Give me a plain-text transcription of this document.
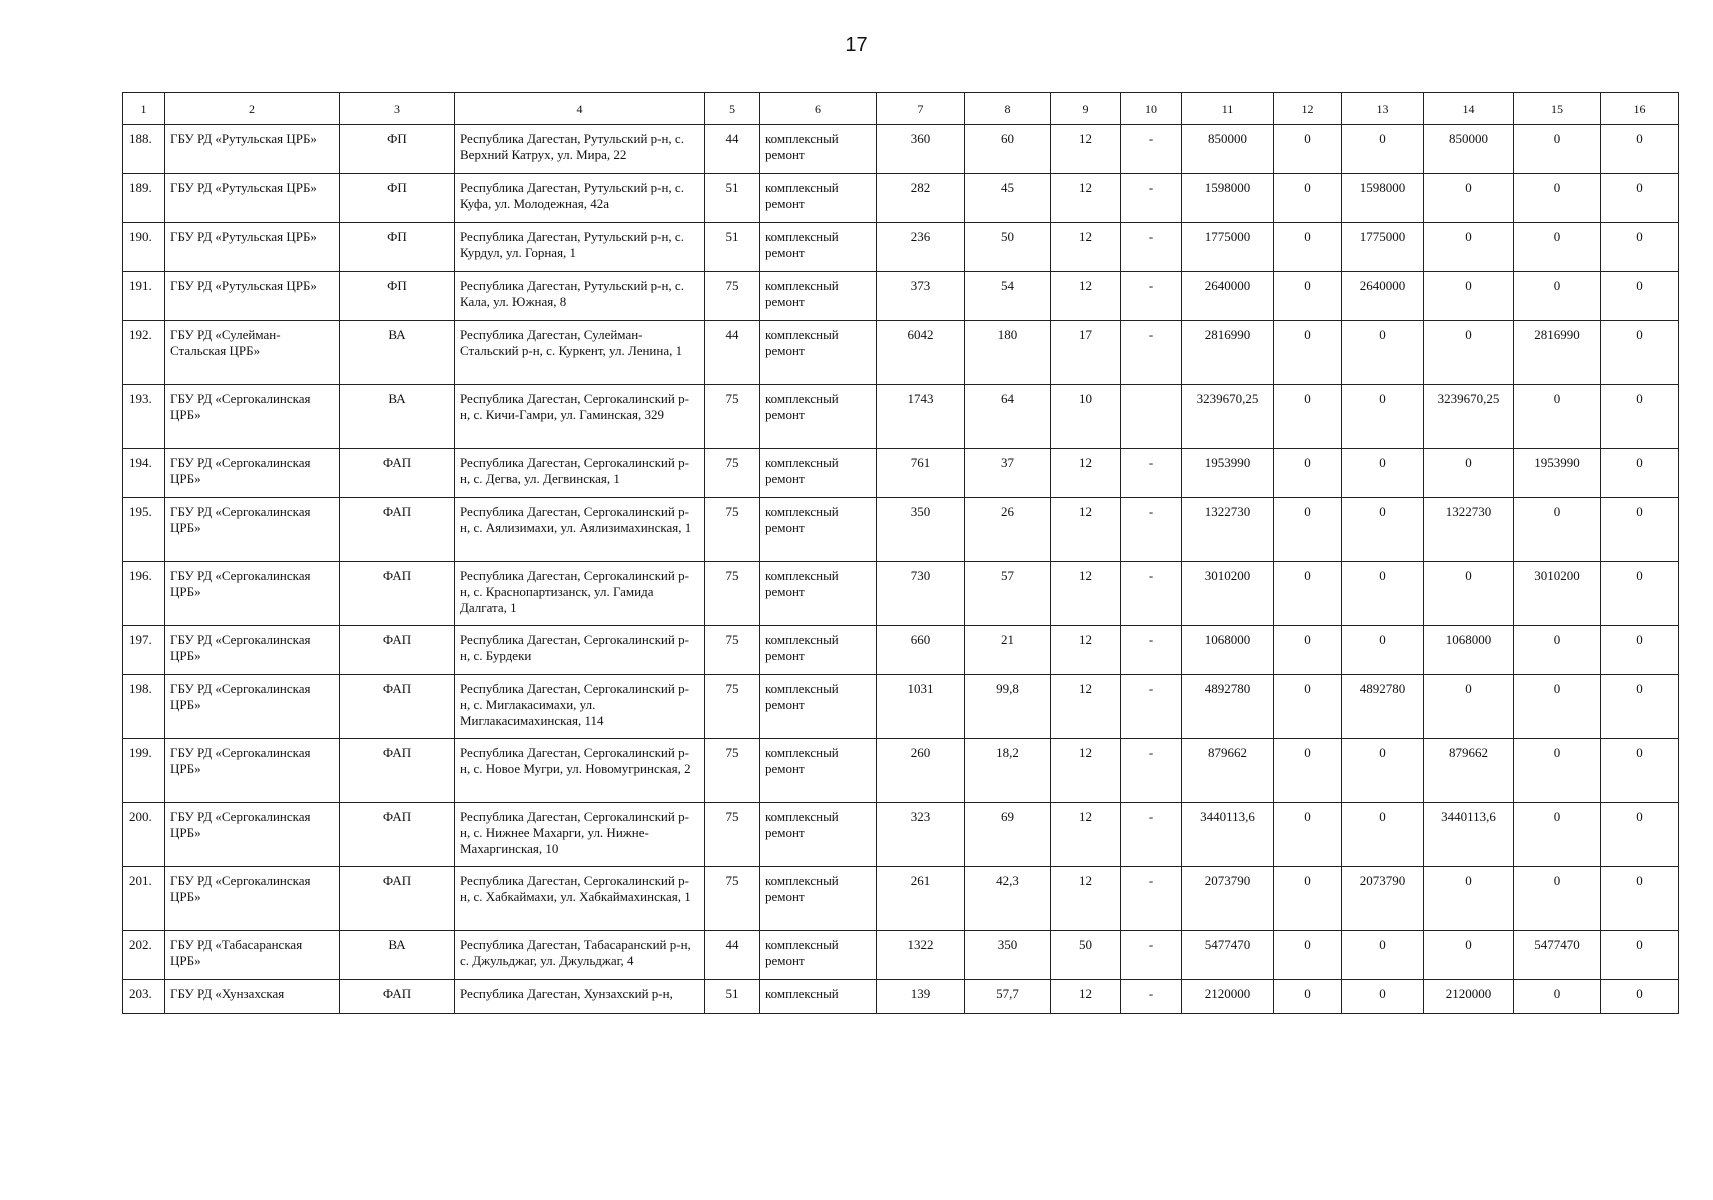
17
1	2	3	4	5	6	7	8	9	10	11	12	13	14	15	16
188.	ГБУ РД «Рутульская ЦРБ»	ФП	Республика Дагестан, Рутульский р-н, с. Верхний Катрух, ул. Мира, 22	44	комплексный ремонт	360	60	12	-	850000	0	0	850000	0	0
189.	ГБУ РД «Рутульская ЦРБ»	ФП	Республика Дагестан, Рутульский р-н, с. Куфа, ул. Молодежная, 42а	51	комплексный ремонт	282	45	12	-	1598000	0	1598000	0	0	0
190.	ГБУ РД «Рутульская ЦРБ»	ФП	Республика Дагестан, Рутульский р-н, с. Курдул, ул. Горная, 1	51	комплексный ремонт	236	50	12	-	1775000	0	1775000	0	0	0
191.	ГБУ РД «Рутульская ЦРБ»	ФП	Республика Дагестан, Рутульский р-н, с. Кала, ул. Южная, 8	75	комплексный ремонт	373	54	12	-	2640000	0	2640000	0	0	0
192.	ГБУ РД «Сулейман-Стальская ЦРБ»	ВА	Республика Дагестан, Сулейман-Стальский р-н, с. Куркент, ул. Ленина, 1	44	комплексный ремонт	6042	180	17	-	2816990	0	0	0	2816990	0
193.	ГБУ РД «Сергокалинская ЦРБ»	ВА	Республика Дагестан, Сергокалинский р-н, с. Кичи-Гамри, ул. Гаминская, 329	75	комплексный ремонт	1743	64	10		3239670,25	0	0	3239670,25	0	0
194.	ГБУ РД «Сергокалинская ЦРБ»	ФАП	Республика Дагестан, Сергокалинский р-н, с. Дегва, ул. Дегвинская, 1	75	комплексный ремонт	761	37	12	-	1953990	0	0	0	1953990	0
195.	ГБУ РД «Сергокалинская ЦРБ»	ФАП	Республика Дагестан, Сергокалинский р-н, с. Аялизимахи, ул. Аялизимахинская, 1	75	комплексный ремонт	350	26	12	-	1322730	0	0	1322730	0	0
196.	ГБУ РД «Сергокалинская ЦРБ»	ФАП	Республика Дагестан, Сергокалинский р-н, с. Краснопартизанск, ул. Гамида Далгата, 1	75	комплексный ремонт	730	57	12	-	3010200	0	0	0	3010200	0
197.	ГБУ РД «Сергокалинская ЦРБ»	ФАП	Республика Дагестан, Сергокалинский р-н, с. Бурдеки	75	комплексный ремонт	660	21	12	-	1068000	0	0	1068000	0	0
198.	ГБУ РД «Сергокалинская ЦРБ»	ФАП	Республика Дагестан, Сергокалинский р-н, с. Миглакасимахи, ул. Миглакасимахинская, 114	75	комплексный ремонт	1031	99,8	12	-	4892780	0	4892780	0	0	0
199.	ГБУ РД «Сергокалинская ЦРБ»	ФАП	Республика Дагестан, Сергокалинский р-н, с. Новое Мугри, ул. Новомугринская, 2	75	комплексный ремонт	260	18,2	12	-	879662	0	0	879662	0	0
200.	ГБУ РД «Сергокалинская ЦРБ»	ФАП	Республика Дагестан, Сергокалинский р-н, с. Нижнее Махарги, ул. Нижне-Махаргинская, 10	75	комплексный ремонт	323	69	12	-	3440113,6	0	0	3440113,6	0	0
201.	ГБУ РД «Сергокалинская ЦРБ»	ФАП	Республика Дагестан, Сергокалинский р-н, с. Хабкаймахи, ул. Хабкаймахинская, 1	75	комплексный ремонт	261	42,3	12	-	2073790	0	2073790	0	0	0
202.	ГБУ РД «Табасаранская ЦРБ»	ВА	Республика Дагестан, Табасаранский р-н, с. Джульджаг, ул. Джульджаг, 4	44	комплексный ремонт	1322	350	50	-	5477470	0	0	0	5477470	0
203.	ГБУ РД «Хунзахская	ФАП	Республика Дагестан, Хунзахский р-н,	51	комплексный	139	57,7	12	-	2120000	0	0	2120000	0	0
